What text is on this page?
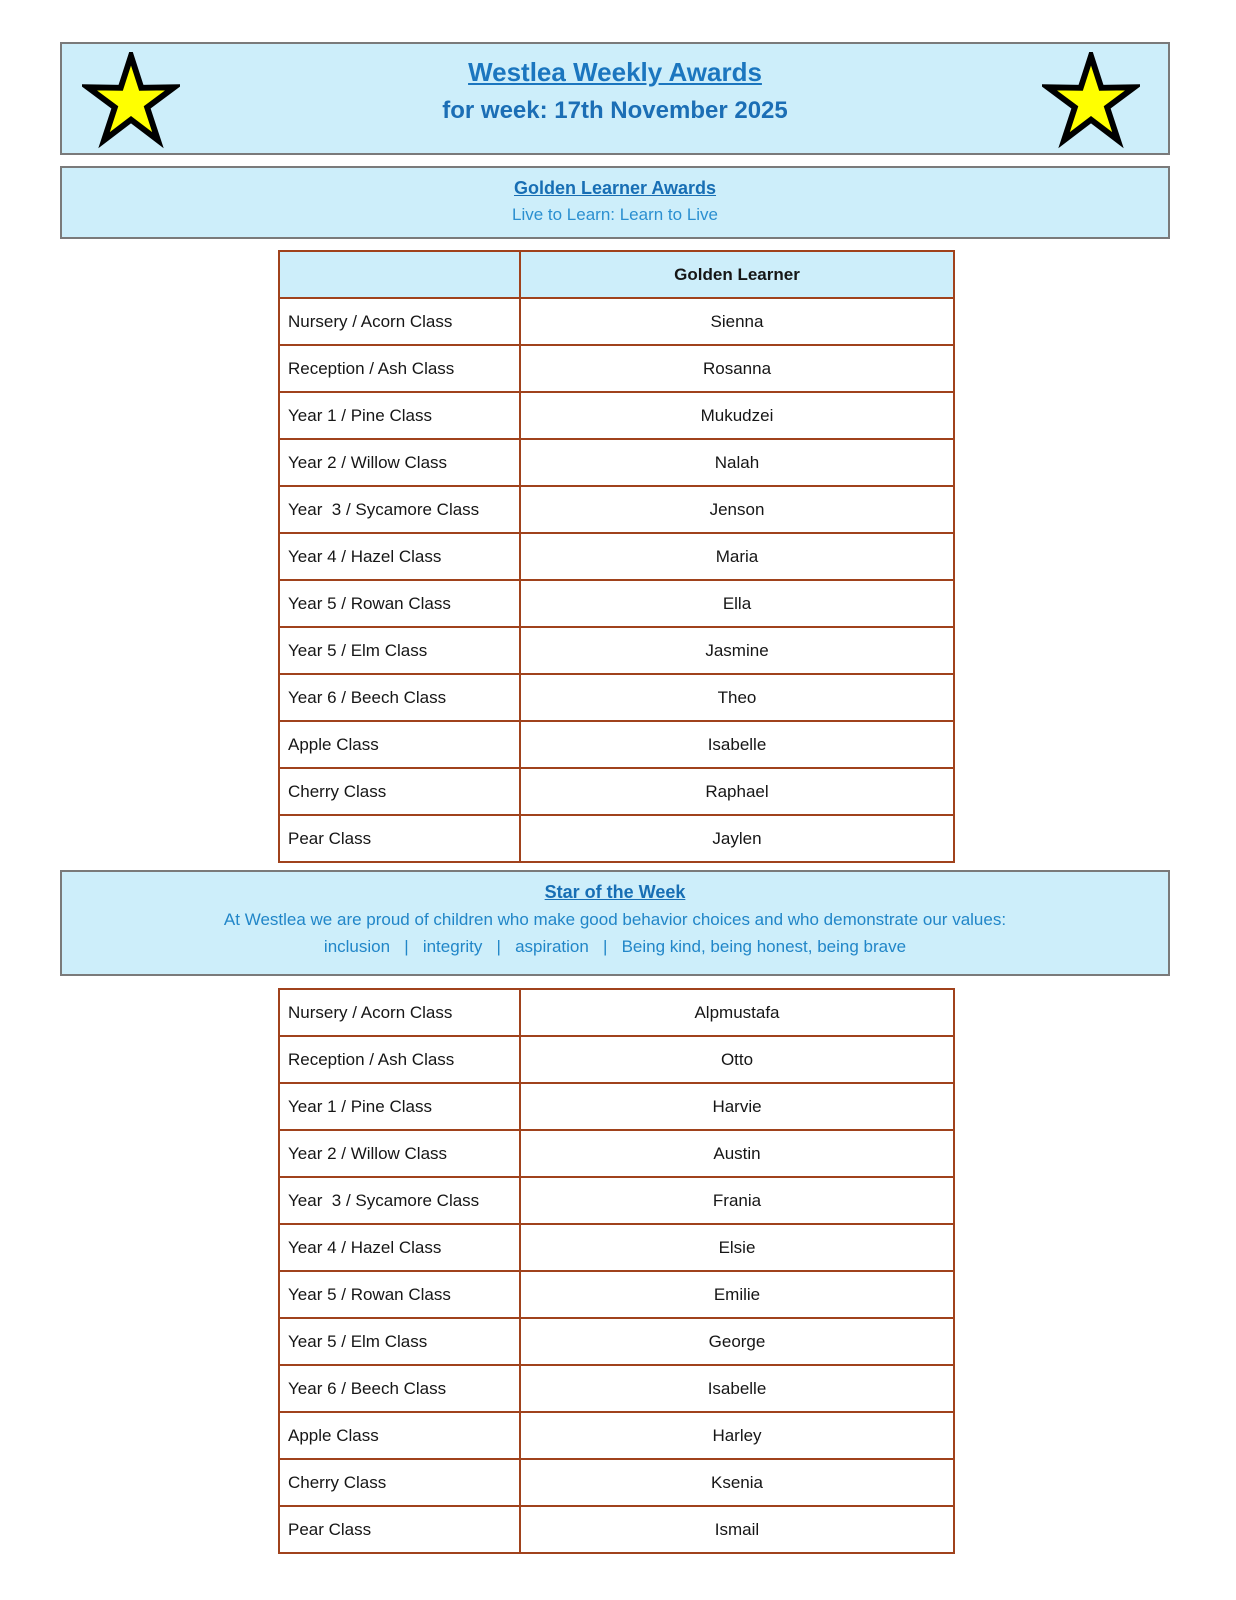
Westlea Weekly Awards
for week: 17th November 2025
Golden Learner Awards
Live to Learn: Learn to Live
	Golden Learner
Nursery / Acorn Class	Sienna
Reception / Ash Class	Rosanna
Year 1 / Pine Class	Mukudzei
Year 2 / Willow Class	Nalah
Year  3 / Sycamore Class	Jenson
Year 4 / Hazel Class	Maria
Year 5 / Rowan Class	Ella
Year 5 / Elm Class	Jasmine
Year 6 / Beech Class	Theo
Apple Class	Isabelle
Cherry Class	Raphael
Pear Class	Jaylen
Star of the Week
At Westlea we are proud of children who make good behavior choices and who demonstrate our values:
inclusion   |   integrity   |   aspiration   |   Being kind, being honest, being brave
Nursery / Acorn Class	Alpmustafa
Reception / Ash Class	Otto
Year 1 / Pine Class	Harvie
Year 2 / Willow Class	Austin
Year  3 / Sycamore Class	Frania
Year 4 / Hazel Class	Elsie
Year 5 / Rowan Class	Emilie
Year 5 / Elm Class	George
Year 6 / Beech Class	Isabelle
Apple Class	Harley
Cherry Class	Ksenia
Pear Class	Ismail
